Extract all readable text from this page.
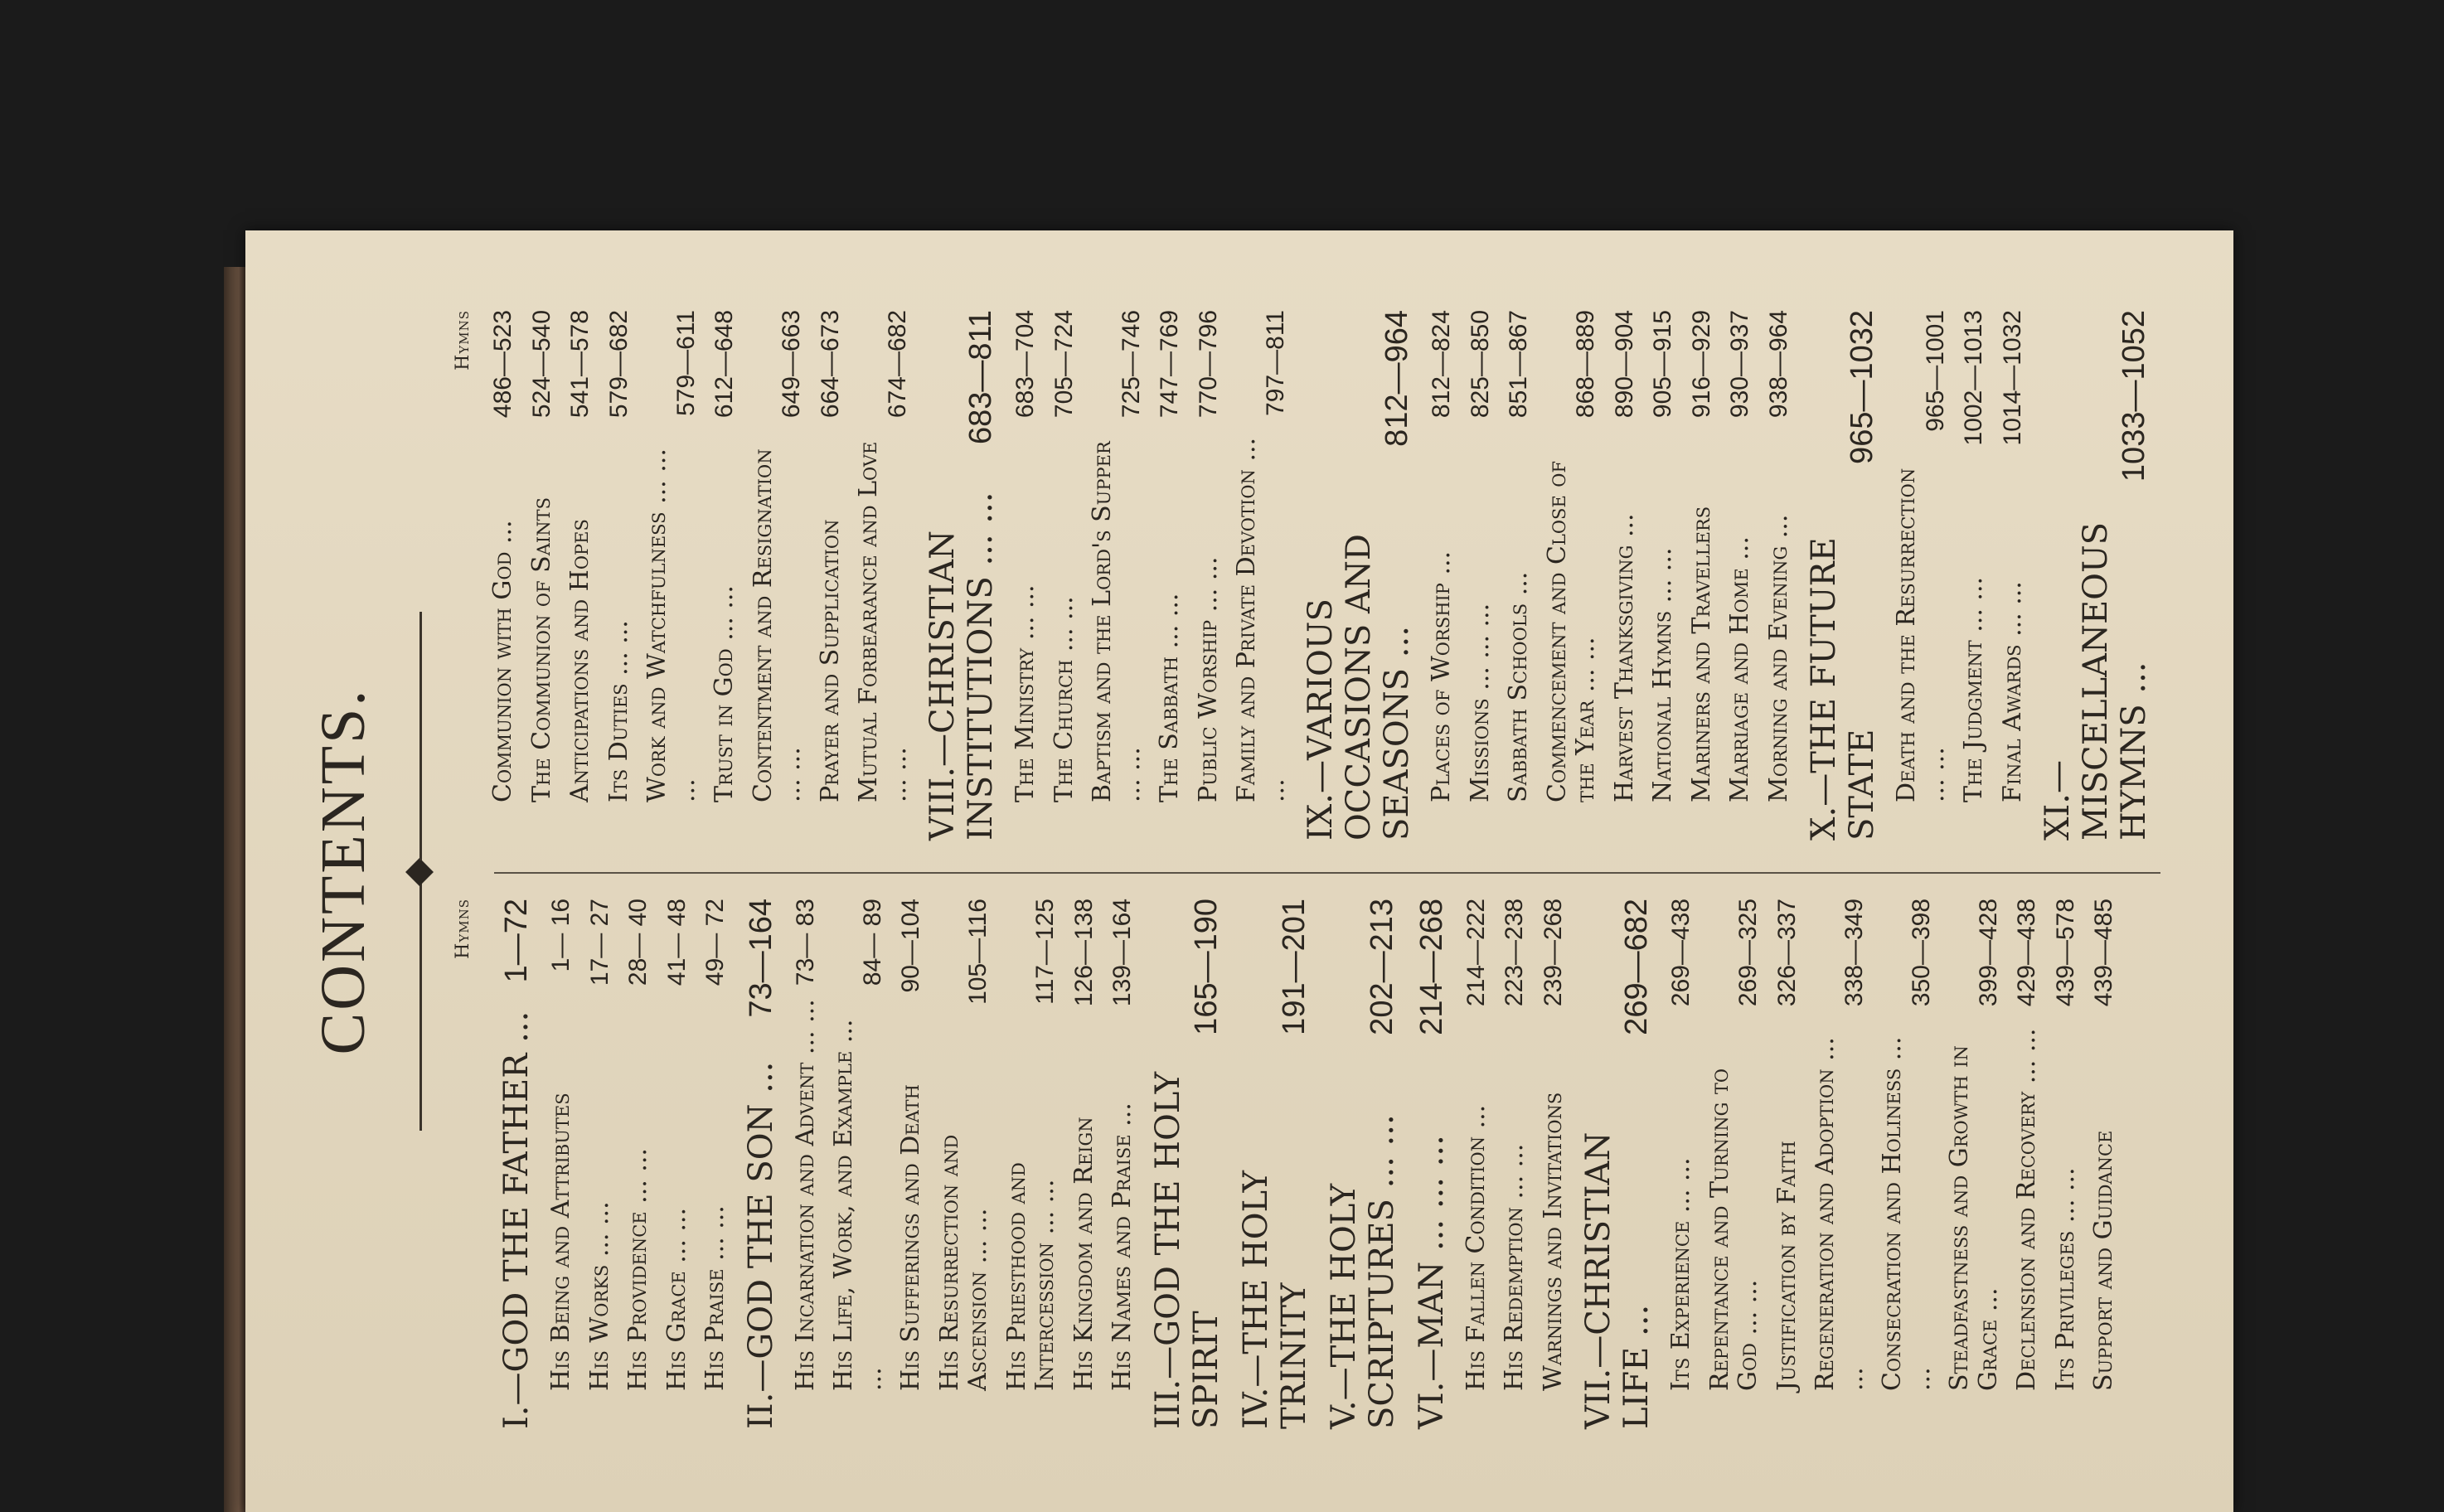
CONTENTS.	Hymns
I.—GOD THE FATHER ...
1—72
His Being and Attributes
1— 16
His Works ... ...
17— 27
His Providence ... ...
28— 40
His Grace ... ...
41— 48
His Praise ... ...
49— 72
II.—GOD THE SON ...
73—164
His Incarnation and Advent ... ...
73— 83
His Life, Work, and Example ... ...
84— 89
His Sufferings and Death
90—104
His Resurrection and Ascension ... ...
105—116
His Priesthood and Intercession ... ...
117—125
His Kingdom and Reign
126—138
His Names and Praise ...
139—164
III.—GOD THE HOLY SPIRIT
165—190
IV.—THE HOLY TRINITY
191—201
V.—THE HOLY SCRIPTURES ... ...
202—213
VI.—MAN ... ... ...
214—268
His Fallen Condition ...
214—222
His Redemption ... ...
223—238
Warnings and Invitations
239—268
VII.—CHRISTIAN LIFE ...
269—682
Its Experience ... ...
269—438
Repentance and Turning to God ... ...
269—325
Justification by Faith
326—337
Regeneration and Adoption ... ...
338—349
Consecration and Holiness ... ...
350—398
Steadfastness and Growth in Grace ...
399—428
Declension and Recovery ... ...
429—438
Its Privileges ... ...
439—578
Support and Guidance
439—485
Hymns
Communion with God ...
486—523
The Communion of Saints
524—540
Anticipations and Hopes
541—578
Its Duties ... ...
579—682
Work and Watchfulness ... ... ...
579—611
Trust in God ... ...
612—648
Contentment and Resignation ... ...
649—663
Prayer and Supplication
664—673
Mutual Forbearance and Love ... ...
674—682
VIII.—CHRISTIAN INSTITUTIONS ... ...
683—811
The Ministry ... ...
683—704
The Church ... ...
705—724
Baptism and the Lord's Supper ... ...
725—746
The Sabbath ... ...
747—769
Public Worship ... ...
770—796
Family and Private Devotion ... ...
797—811
IX.—VARIOUS OCCASIONS AND SEASONS ...
812—964
Places of Worship ...
812—824
Missions ... ... ...
825—850
Sabbath Schools ...
851—867
Commencement and Close of the Year ... ...
868—889
Harvest Thanksgiving ...
890—904
National Hymns ... ...
905—915
Mariners and Travellers
916—929
Marriage and Home ...
930—937
Morning and Evening ...
938—964
X.—THE FUTURE STATE
965—1032
Death and the Resurrection ... ...
965—1001
The Judgment ... ...
1002—1013
Final Awards ... ...
1014—1032
XI.—MISCELLANEOUS HYMNS ...
1033—1052
